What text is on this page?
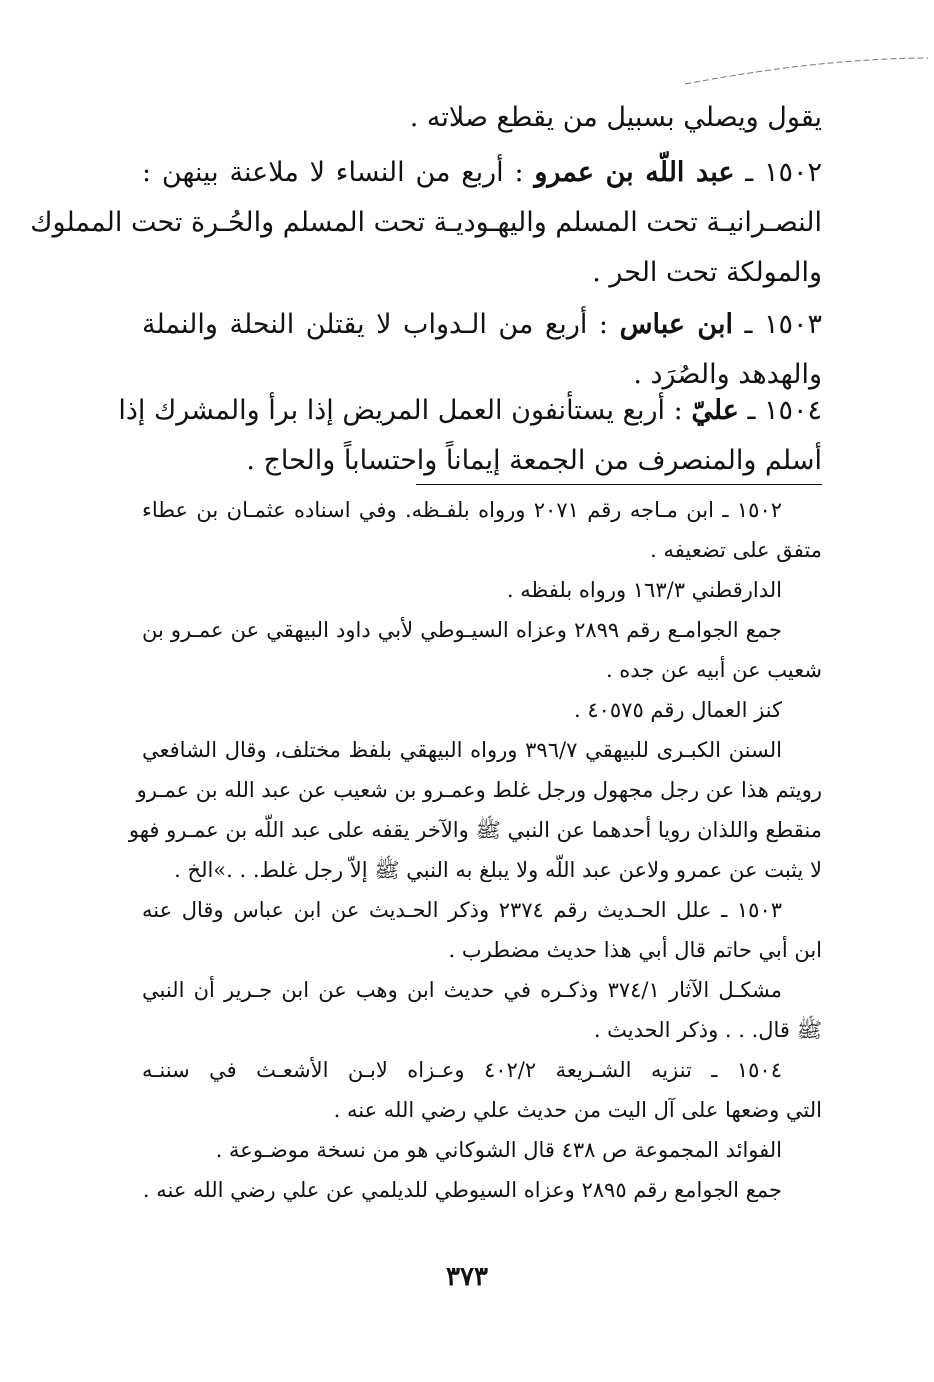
يقول ويصلي بسبيل من يقطع صلاته .
١٥٠٢ ـ عبد اللّه بن عمرو : أربع من النساء لا ملاعنة بينهن :
النصـرانيـة تحت المسلم واليهـوديـة تحت المسلم والحُـرة تحت المملوك
والمولكة تحت الحر .
١٥٠٣ ـ ابن عباس : أربع من الـدواب لا يقتلن النحلة والنملة
والهدهد والصُرَد .
١٥٠٤ ـ عليّ : أربع يستأنفون العمل المريض إذا برأ والمشرك إذا
أسلم والمنصرف من الجمعة إيماناً واحتساباً والحاج .
١٥٠٢ ـ ابن مـاجه رقم ٢٠٧١ ورواه بلفـظه. وفي اسناده عثمـان بن عطاء
متفق على تضعيفه .
الدارقطني ١٦٣/٣ ورواه بلفظه .
جمع الجوامـع رقم ٢٨٩٩ وعزاه السيـوطي لأبي داود البيهقي عن عمـرو بن
شعيب عن أبيه عن جده .
كنز العمال رقم ٤٠٥٧٥ .
السنن الكبـرى للبيهقي ٣٩٦/٧ ورواه البيهقي بلفظ مختلف، وقال الشافعي
رويتم هذا عن رجل مجهول ورجل غلط وعمـرو بن شعيب عن عبد الله بن عمـرو
منقطع واللذان رويا أحدهما عن النبي ﷺ والآخر يقفه على عبد اللّه بن عمـرو فهو
لا يثبت عن عمرو ولاعن عبد اللّه ولا يبلغ به النبي ﷺ إلاّ رجل غلط. . .»الخ .
١٥٠٣ ـ علل الحـديث رقم ٢٣٧٤ وذكر الحـديث عن ابن عباس وقال عنه
ابن أبي حاتم قال أبي هذا حديث مضطرب .
مشكـل الآثار ٣٧٤/١ وذكـره في حديث ابن وهب عن ابن جـرير أن النبي
ﷺ قال. . . وذكر الحديث .
١٥٠٤ ـ تنزيه الشـريعة ٤٠٢/٢ وعـزاه لابـن الأشعـث في سننـه
التي وضعها على آل اليت من حديث علي رضي الله عنه .
الفوائد المجموعة ص ٤٣٨ قال الشوكاني هو من نسخة موضـوعة .
جمع الجوامع رقم ٢٨٩٥ وعزاه السيوطي للديلمي عن علي رضي الله عنه .
٣٧٣
